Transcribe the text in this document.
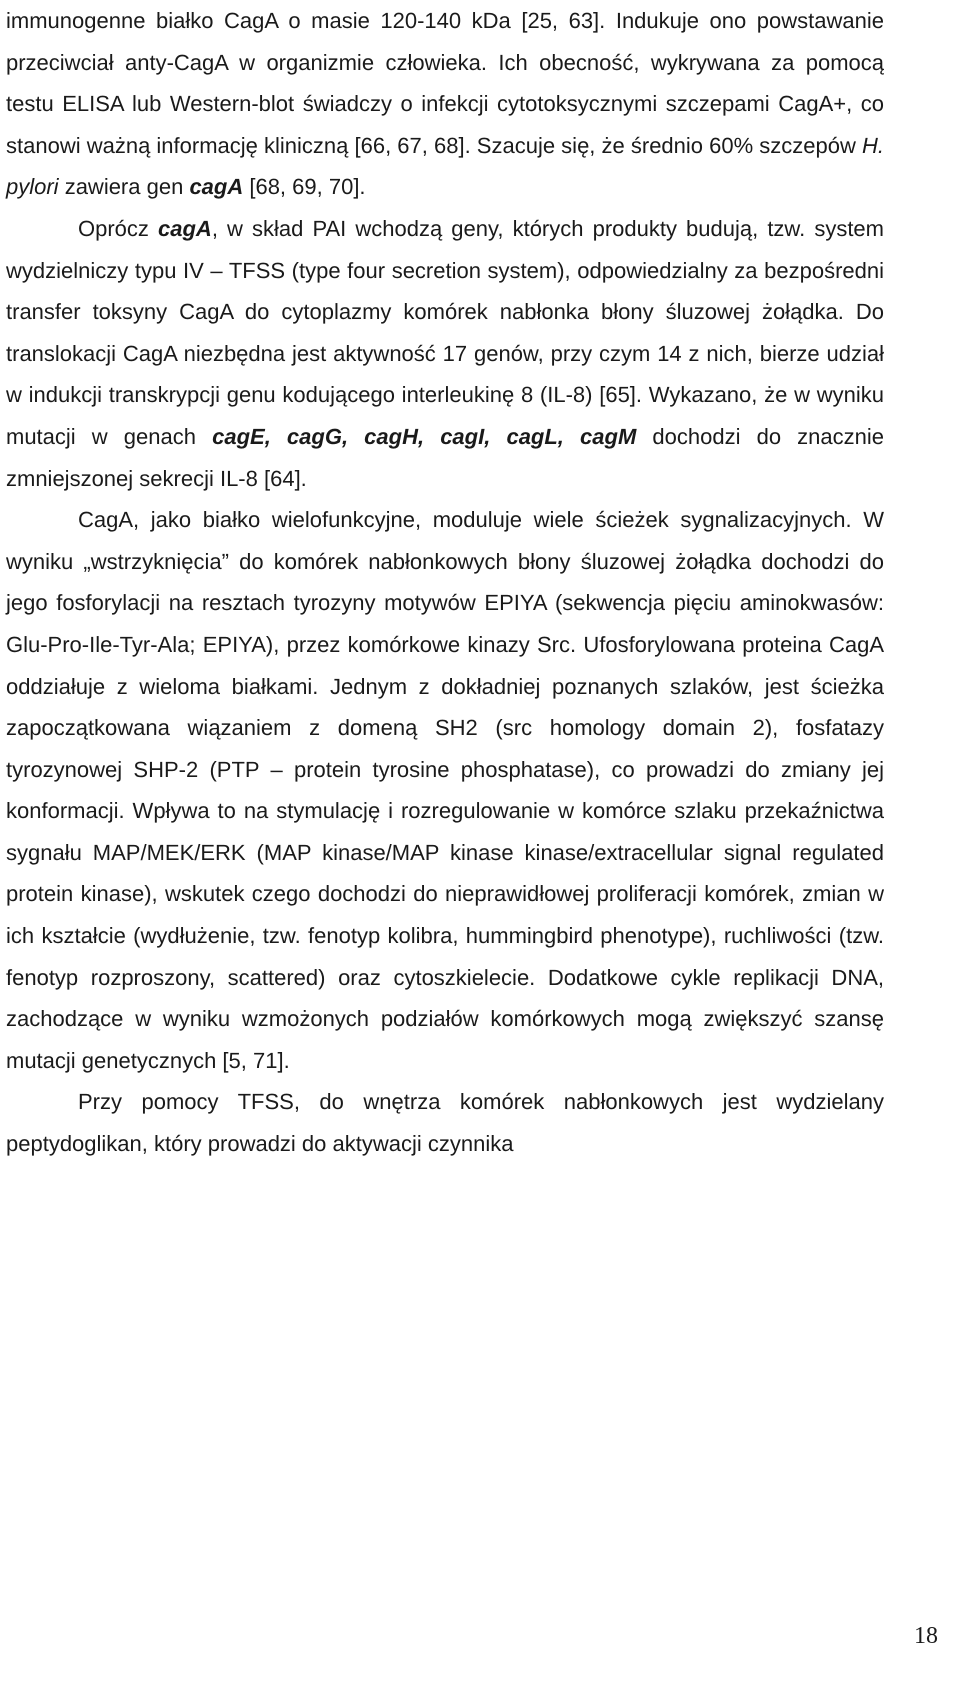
immunogenne białko CagA o masie 120-140 kDa [25, 63]. Indukuje ono powstawanie przeciwciał anty-CagA w organizmie człowieka. Ich obecność, wykrywana za pomocą testu ELISA lub Western-blot świadczy o infekcji cytotoksycznymi szczepami CagA+, co stanowi ważną informację kliniczną [66, 67, 68]. Szacuje się, że średnio 60% szczepów H. pylori zawiera gen cagA [68, 69, 70].

Oprócz cagA, w skład PAI wchodzą geny, których produkty budują, tzw. system wydzielniczy typu IV – TFSS (type four secretion system), odpowiedzialny za bezpośredni transfer toksyny CagA do cytoplazmy komórek nabłonka błony śluzowej żołądka. Do translokacji CagA niezbędna jest aktywność 17 genów, przy czym 14 z nich, bierze udział w indukcji transkrypcji genu kodującego interleukinę 8 (IL-8) [65]. Wykazano, że w wyniku mutacji w genach cagE, cagG, cagH, cagI, cagL, cagM dochodzi do znacznie zmniejszonej sekrecji IL-8 [64].

CagA, jako białko wielofunkcyjne, moduluje wiele ścieżek sygnalizacyjnych. W wyniku „wstrzyknięcia” do komórek nabłonkowych błony śluzowej żołądka dochodzi do jego fosforylacji na resztach tyrozyny motywów EPIYA (sekwencja pięciu aminokwasów: Glu-Pro-Ile-Tyr-Ala; EPIYA), przez komórkowe kinazy Src. Ufosforylowana proteina CagA oddziałuje z wieloma białkami. Jednym z dokładniej poznanych szlaków, jest ścieżka zapoczątkowana wiązaniem z domeną SH2 (src homology domain 2), fosfatazy tyrozynowej SHP-2 (PTP – protein tyrosine phosphatase), co prowadzi do zmiany jej konformacji. Wpływa to na stymulację i rozregulowanie w komórce szlaku przekaźnictwa sygnału MAP/MEK/ERK (MAP kinase/MAP kinase kinase/extracellular signal regulated protein kinase), wskutek czego dochodzi do nieprawidłowej proliferacji komórek, zmian w ich kształcie (wydłużenie, tzw. fenotyp kolibra, hummingbird phenotype), ruchliwości (tzw. fenotyp rozproszony, scattered) oraz cytoszkielecie. Dodatkowe cykle replikacji DNA, zachodzące w wyniku wzmożonych podziałów komórkowych mogą zwiększyć szansę mutacji genetycznych [5, 71].

Przy pomocy TFSS, do wnętrza komórek nabłonkowych jest wydzielany peptydoglikan, który prowadzi do aktywacji czynnika

18
